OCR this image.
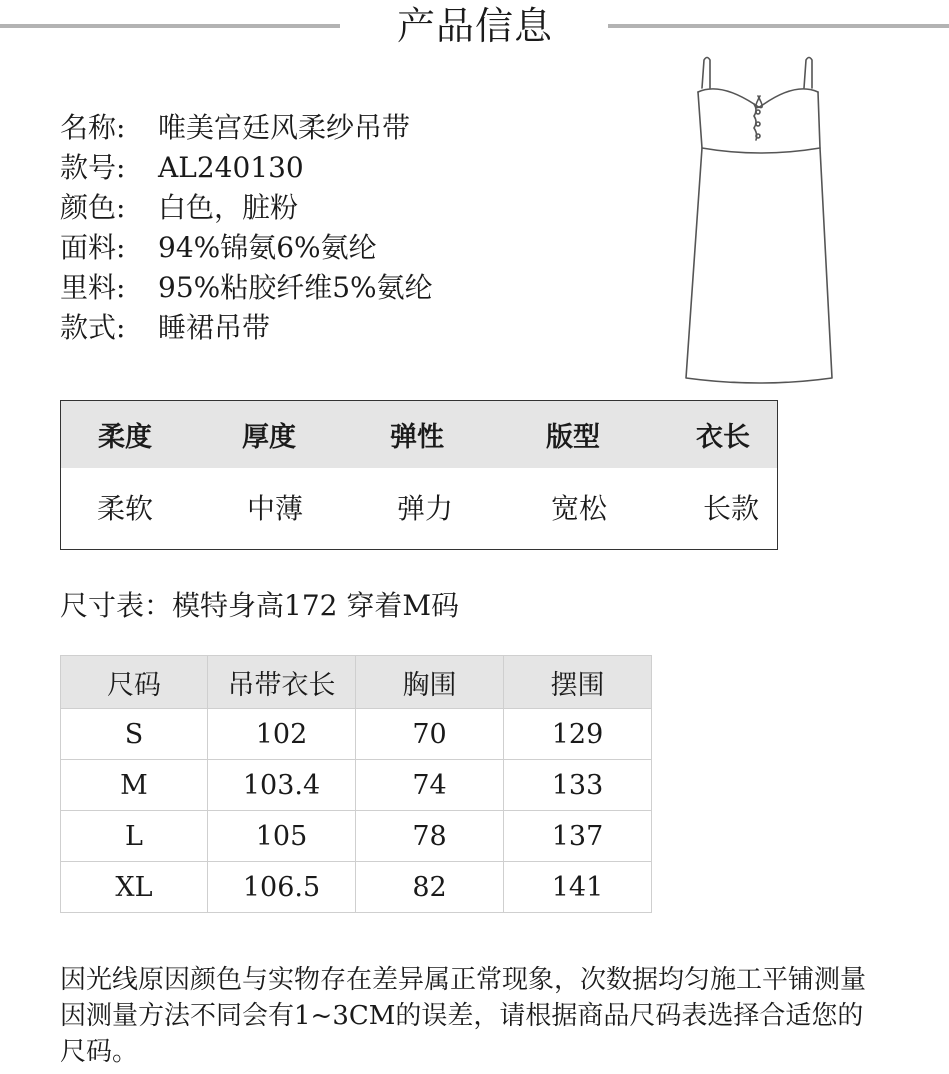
产品信息
名称: 唯美宫廷风柔纱吊带
款号: AL240130
颜色: 白色，脏粉
面料: 94%锦氨6%氨纶
里料: 95%粘胶纤维5%氨纶
款式: 睡裙吊带
柔度	厚度	弹性	版型	衣长
柔软	中薄	弹力	宽松	长款
尺寸表：模特身高172 穿着M码
尺码	吊带衣长	胸围	摆围
S	102	70	129
M	103.4	74	133
L	105	78	137
XL	106.5	82	141
因光线原因颜色与实物存在差异属正常现象，次数据均匀施工平铺测量因测量方法不同会有1~3CM的误差，请根据商品尺码表选择合适您的尺码。
